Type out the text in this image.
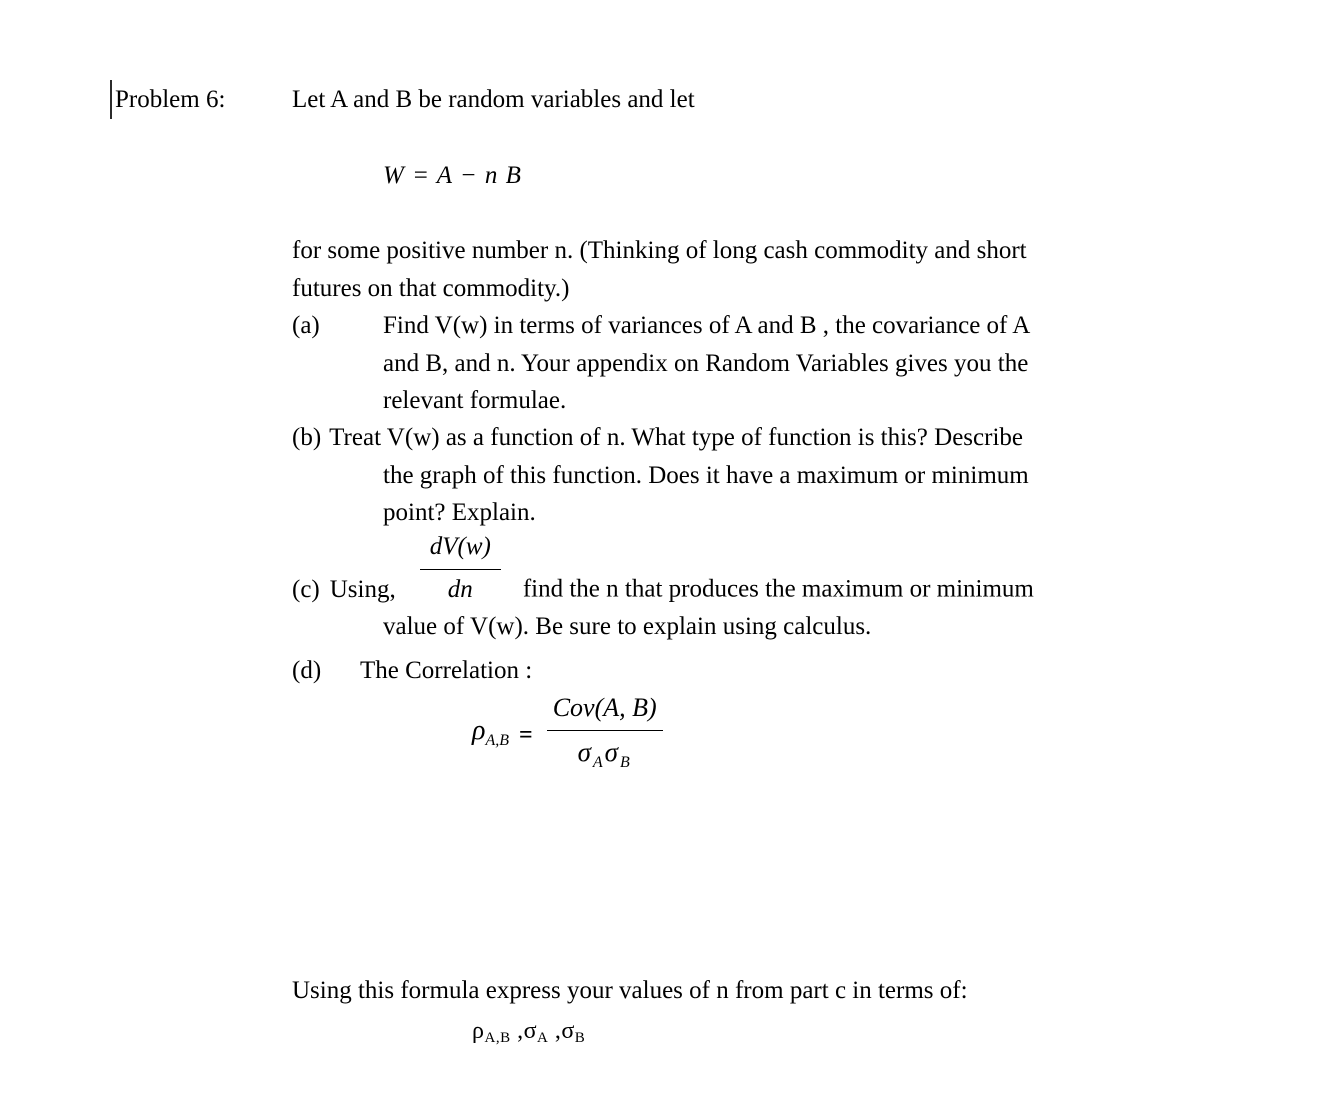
Problem 6:	Let A and B be random variables and let
W = A − n B
for some positive number n. (Thinking of long cash commodity and short
futures on that commodity.)
(a)	Find V(w) in terms of variances of A and B , the covariance of A
and B, and n. Your appendix on Random Variables gives you the
relevant formulae.
(b) Treat V(w) as a function of n. What type of function is this? Describe
the graph of this function. Does it have a maximum or minimum
point? Explain.
(c) Using, $\frac{dV(w)}{dn}$ find the n that produces the maximum or minimum
value of V(w). Be sure to explain using calculus.
(d) The Correlation :
$\rho_{A,B} = \frac{\text{Cov(A, B)}}{\sigma_A\sigma_B}$
Using this formula express your values of n from part c in terms of:
$\rho_{A,B}$ $,\sigma_A$ $,\sigma_B$
